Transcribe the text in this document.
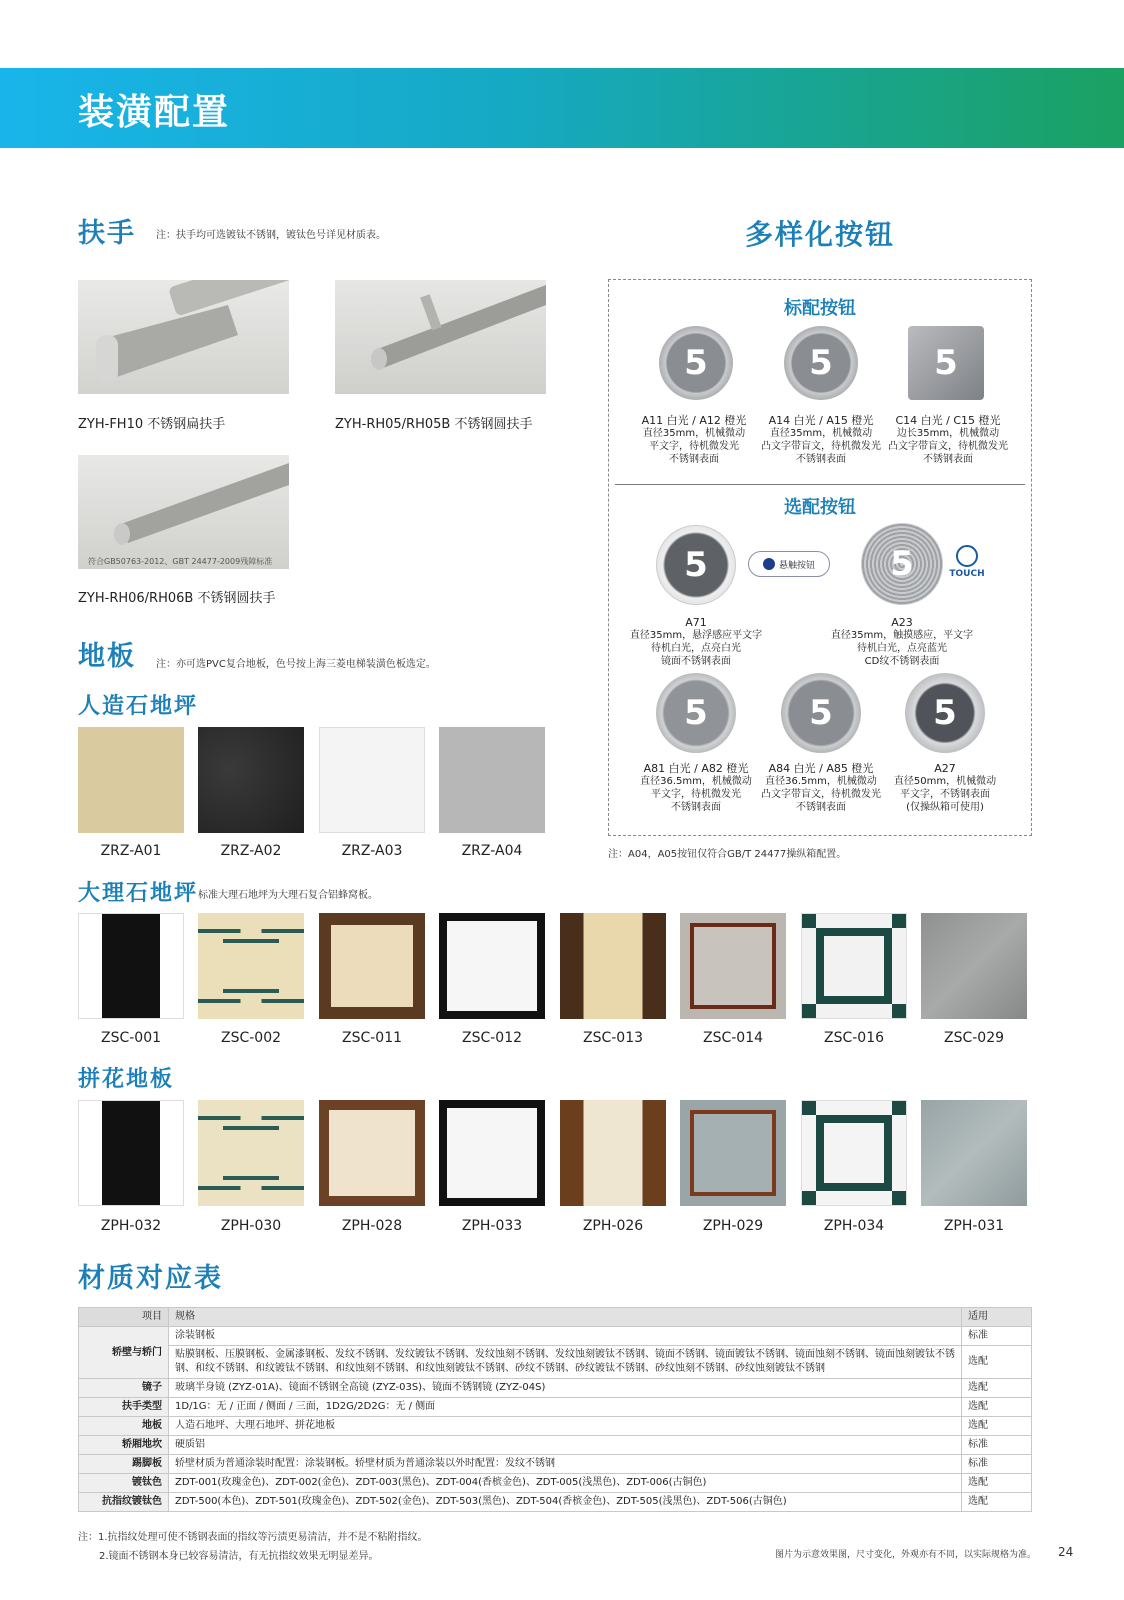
装潢配置
扶手 注：扶手均可选镀钛不锈钢，镀钛色号详见材质表。
ZYH-FH10 不锈钢扁扶手	ZYH-RH05/RH05B 不锈钢圆扶手
符合GB50763-2012、GBT 24477-2009残障标准
ZYH-RH06/RH06B 不锈钢圆扶手
地板 注：亦可选PVC复合地板，色号按上海三菱电梯装潢色板选定。
人造石地坪
ZRZ-A01	ZRZ-A02	ZRZ-A03	ZRZ-A04
大理石地坪 标准大理石地坪为大理石复合铝蜂窝板。
ZSC-001	ZSC-002	ZSC-011	ZSC-012	ZSC-013	ZSC-014	ZSC-016	ZSC-029
拼花地板
ZPH-032	ZPH-030	ZPH-028	ZPH-033	ZPH-026	ZPH-029	ZPH-034	ZPH-031
多样化按钮
标配按钮
5	5	5
A11 白光 / A12 橙光
直径35mm，机械微动
平文字，待机微发光
不锈钢表面
A14 白光 / A15 橙光
直径35mm，机械微动
凸文字带盲文，待机微发光
不锈钢表面
C14 白光 / C15 橙光
边长35mm，机械微动
凸文字带盲文，待机微发光
不锈钢表面
选配按钮
5	悬触按钮 5	TOUCH
A71
直径35mm，悬浮感应平文字
待机白光，点亮白光
镜面不锈钢表面
A23
直径35mm，触摸感应，平文字
待机白光，点亮蓝光
CD纹不锈钢表面
5	5	5
A81 白光 / A82 橙光
直径36.5mm，机械微动
平文字，待机微发光
不锈钢表面
A84 白光 / A85 橙光
直径36.5mm，机械微动
凸文字带盲文，待机微发光
不锈钢表面
A27
直径50mm，机械微动
平文字，不锈钢表面
(仅操纵箱可使用)
注：A04，A05按钮仅符合GB/T 24477操纵箱配置。
材质对应表
项目	规格	适用
轿壁与轿门	涂装钢板	标准
	贴膜钢板、压膜钢板、金属漆钢板、发纹不锈钢、发纹镀钛不锈钢、发纹蚀刻不锈钢、发纹蚀刻镀钛不锈钢、镜面不锈钢、镜面镀钛不锈钢、镜面蚀刻不锈钢、镜面蚀刻镀钛不锈钢、和纹不锈钢、和纹镀钛不锈钢、和纹蚀刻不锈钢、和纹蚀刻镀钛不锈钢、砂纹不锈钢、砂纹镀钛不锈钢、砂纹蚀刻不锈钢、砂纹蚀刻镀钛不锈钢	选配
镜子	玻璃半身镜 (ZYZ-01A)、镜面不锈钢全高镜 (ZYZ-03S)、镜面不锈钢镜 (ZYZ-04S)	选配
扶手类型	1D/1G：无 / 正面 / 侧面 / 三面，1D2G/2D2G：无 / 侧面	选配
地板	人造石地坪、大理石地坪、拼花地板	选配
轿厢地坎	硬质铝	标准
踢脚板	轿壁材质为普通涂装时配置：涂装钢板。轿壁材质为普通涂装以外时配置：发纹不锈钢	标准
镀钛色	ZDT-001(玫瑰金色)、ZDT-002(金色)、ZDT-003(黑色)、ZDT-004(香槟金色)、ZDT-005(浅黑色)、ZDT-006(古铜色)	选配
抗指纹镀钛色	ZDT-500(本色)、ZDT-501(玫瑰金色)、ZDT-502(金色)、ZDT-503(黑色)、ZDT-504(香槟金色)、ZDT-505(浅黑色)、ZDT-506(古铜色)	选配
注：1.抗指纹处理可使不锈钢表面的指纹等污渍更易清洁，并不是不粘附指纹。
2.镜面不锈钢本身已较容易清洁，有无抗指纹效果无明显差异。	图片为示意效果图，尺寸变化，外观亦有不同，以实际规格为准。 24
